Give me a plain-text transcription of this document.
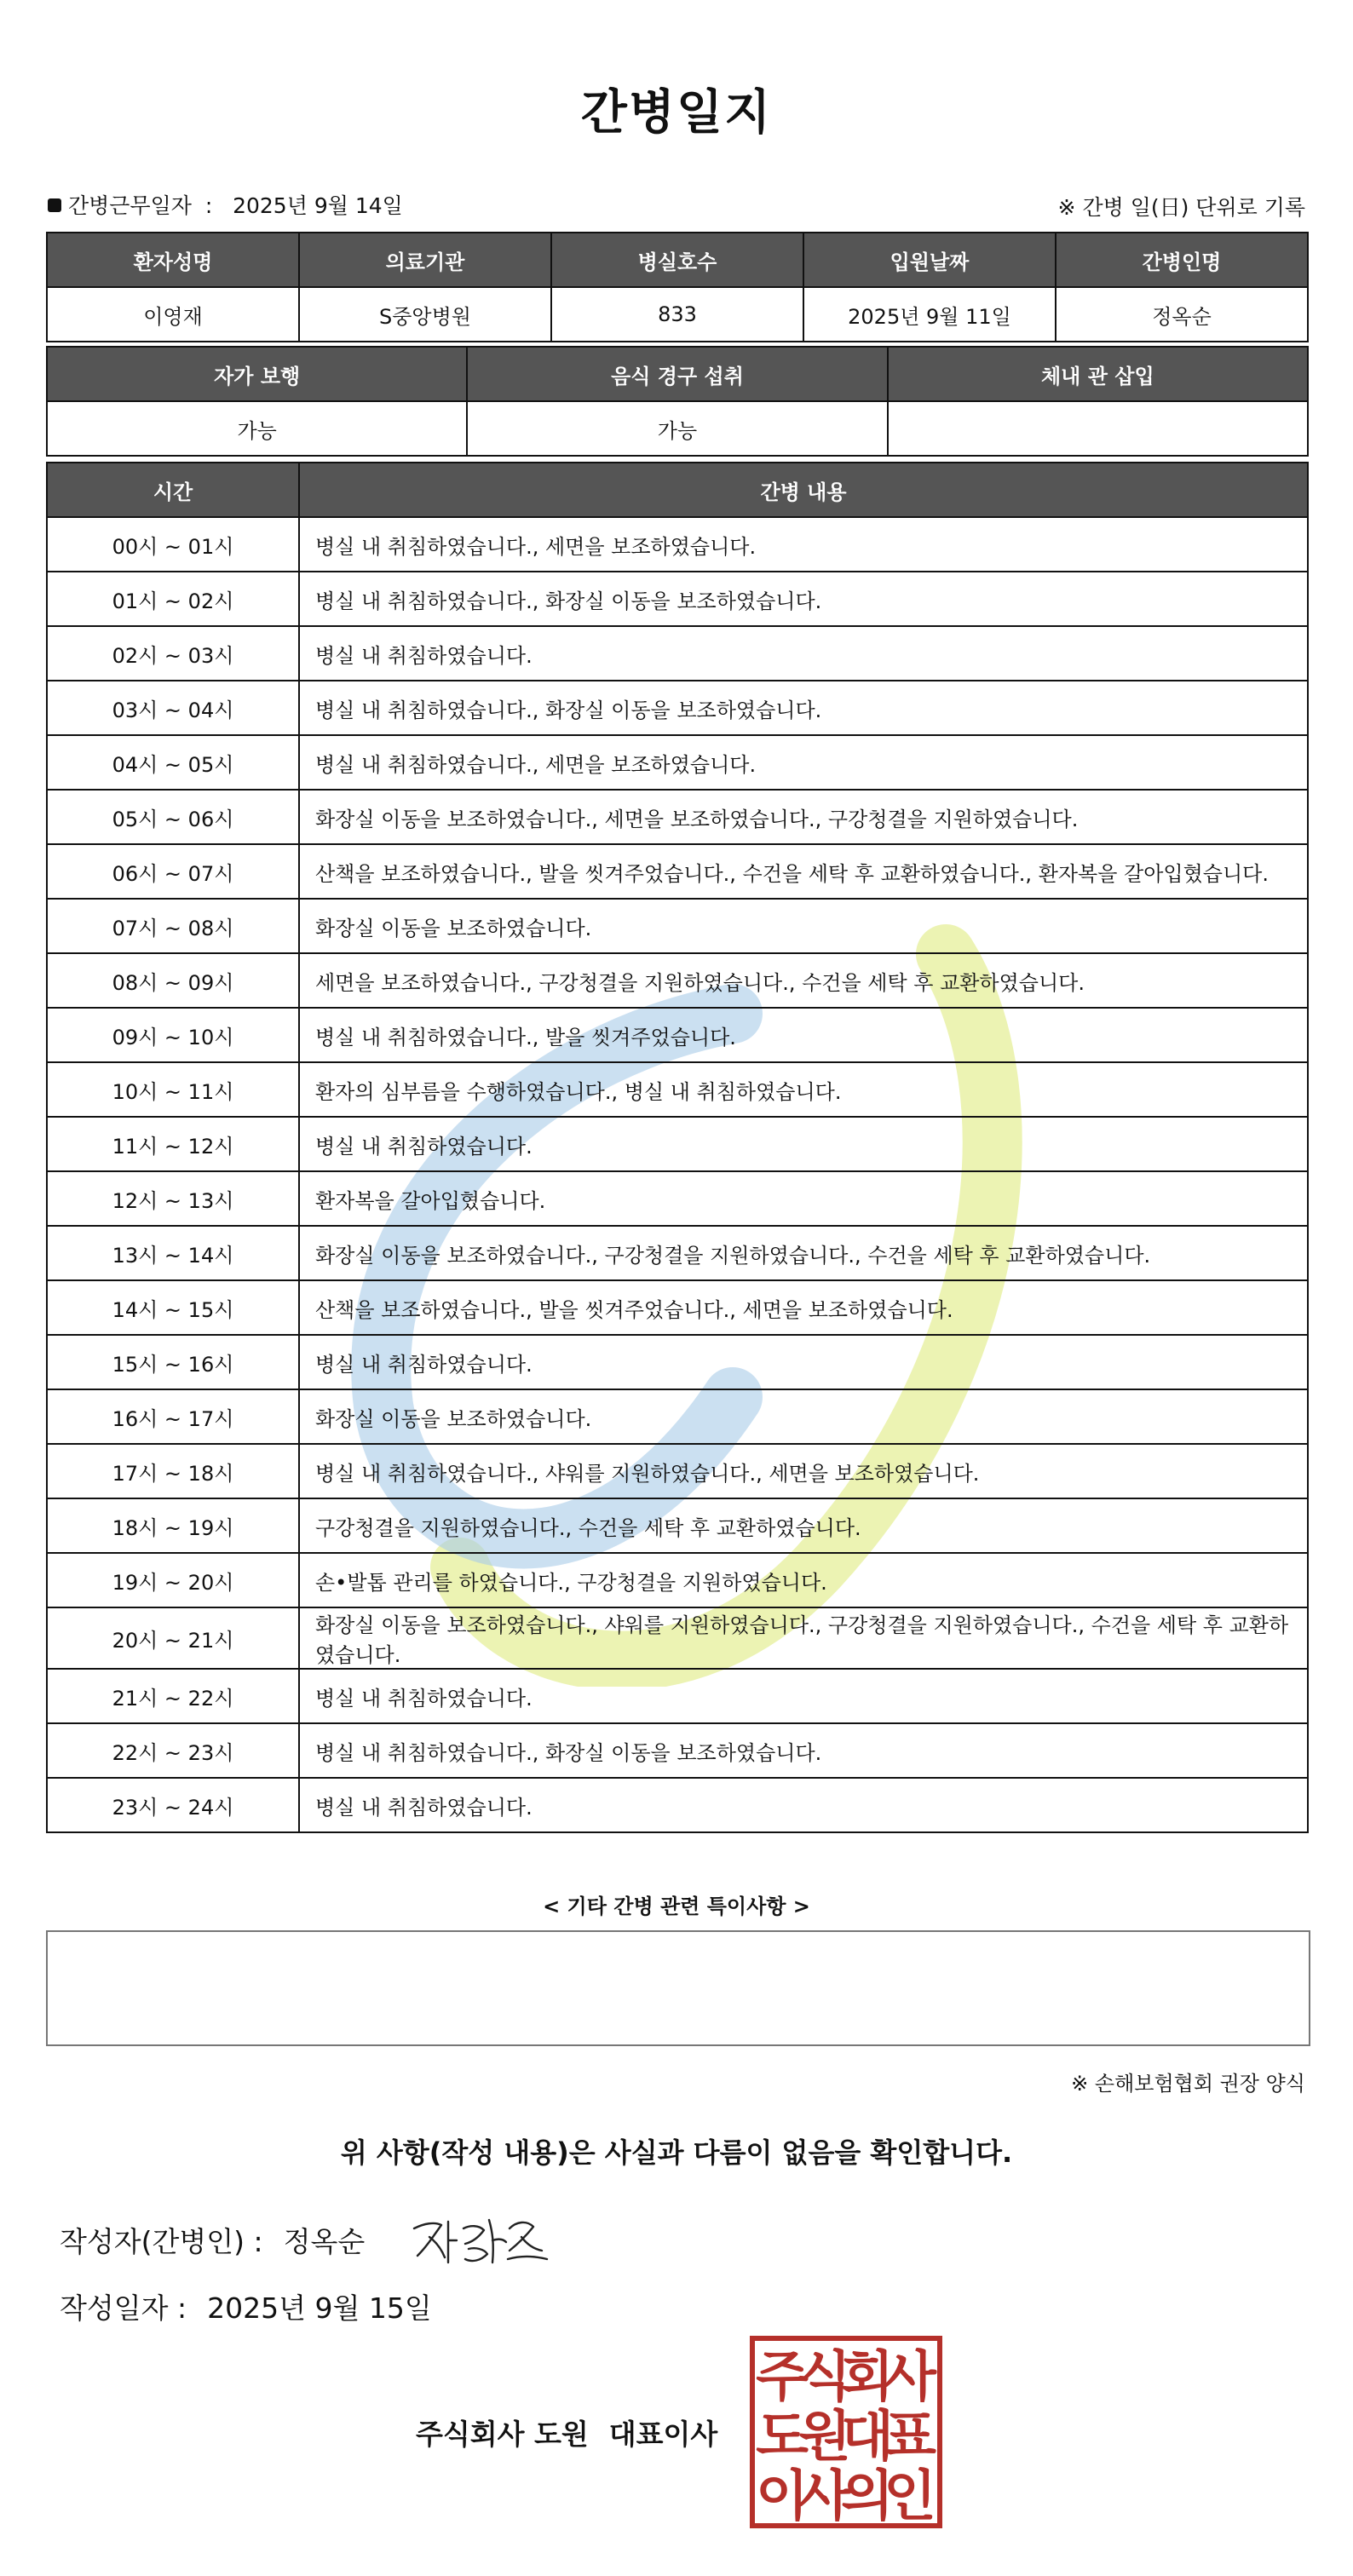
간병일지
간병근무일자 : 2025년 9월 14일	※ 간병 일(日) 단위로 기록
환자성명	의료기관	병실호수	입원날짜	간병인명
이영재	S중앙병원	833	2025년 9월 11일	정옥순
자가 보행	음식 경구 섭취	체내 관 삽입
가능	가능	
시간	간병 내용
00시 ~ 01시	병실 내 취침하였습니다., 세면을 보조하였습니다.
01시 ~ 02시	병실 내 취침하였습니다., 화장실 이동을 보조하였습니다.
02시 ~ 03시	병실 내 취침하였습니다.
03시 ~ 04시	병실 내 취침하였습니다., 화장실 이동을 보조하였습니다.
04시 ~ 05시	병실 내 취침하였습니다., 세면을 보조하였습니다.
05시 ~ 06시	화장실 이동을 보조하였습니다., 세면을 보조하였습니다., 구강청결을 지원하였습니다.
06시 ~ 07시	산책을 보조하였습니다., 발을 씻겨주었습니다., 수건을 세탁 후 교환하였습니다., 환자복을 갈아입혔습니다.
07시 ~ 08시	화장실 이동을 보조하였습니다.
08시 ~ 09시	세면을 보조하였습니다., 구강청결을 지원하였습니다., 수건을 세탁 후 교환하였습니다.
09시 ~ 10시	병실 내 취침하였습니다., 발을 씻겨주었습니다.
10시 ~ 11시	환자의 심부름을 수행하였습니다., 병실 내 취침하였습니다.
11시 ~ 12시	병실 내 취침하였습니다.
12시 ~ 13시	환자복을 갈아입혔습니다.
13시 ~ 14시	화장실 이동을 보조하였습니다., 구강청결을 지원하였습니다., 수건을 세탁 후 교환하였습니다.
14시 ~ 15시	산책을 보조하였습니다., 발을 씻겨주었습니다., 세면을 보조하였습니다.
15시 ~ 16시	병실 내 취침하였습니다.
16시 ~ 17시	화장실 이동을 보조하였습니다.
17시 ~ 18시	병실 내 취침하였습니다., 샤워를 지원하였습니다., 세면을 보조하였습니다.
18시 ~ 19시	구강청결을 지원하였습니다., 수건을 세탁 후 교환하였습니다.
19시 ~ 20시	손•발톱 관리를 하였습니다., 구강청결을 지원하였습니다.
20시 ~ 21시	화장실 이동을 보조하였습니다., 샤워를 지원하였습니다., 구강청결을 지원하였습니다., 수건을 세탁 후 교환하였습니다.
21시 ~ 22시	병실 내 취침하였습니다.
22시 ~ 23시	병실 내 취침하였습니다., 화장실 이동을 보조하였습니다.
23시 ~ 24시	병실 내 취침하였습니다.
< 기타 간병 관련 특이사항 >
※ 손해보험협회 권장 양식
위 사항(작성 내용)은 사실과 다름이 없음을 확인합니다.
작성자(간병인) : 정옥순
작성일자 : 2025년 9월 15일
주식회사 도원 대표이사
주
식
회
사
도
원
대
표
이
사
의
인
